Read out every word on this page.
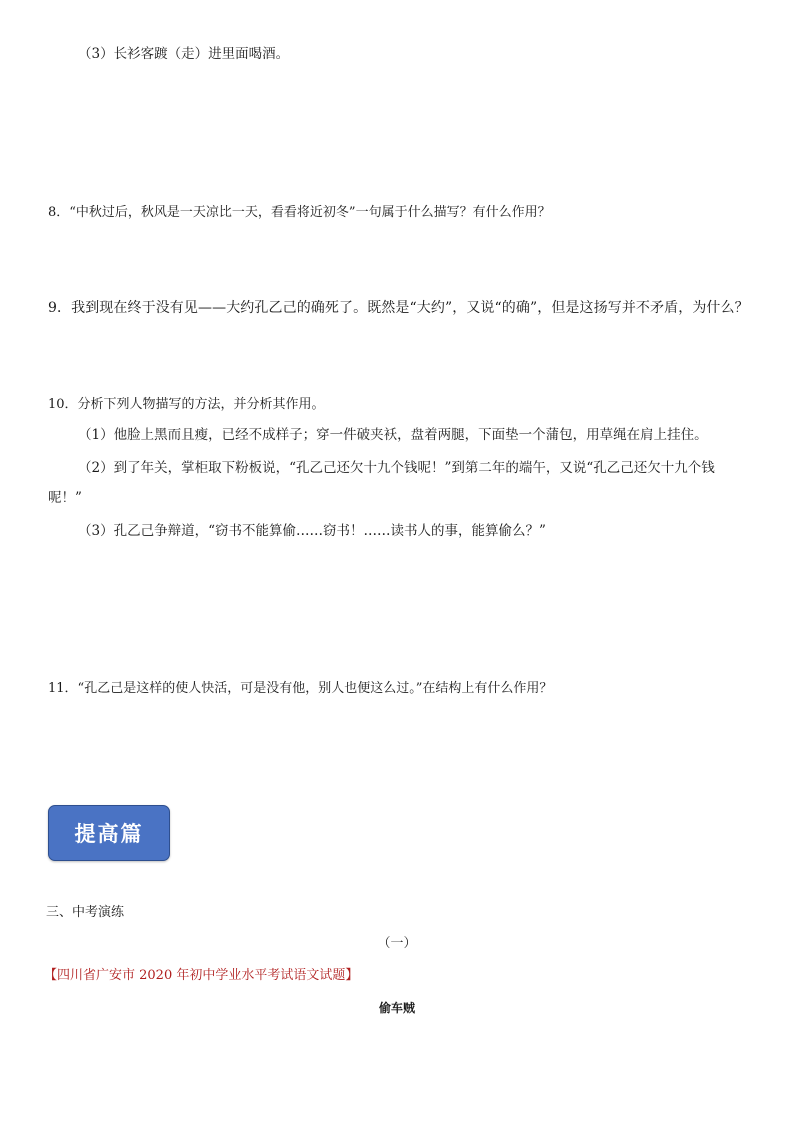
（3）长衫客踱（走）进里面喝酒。
8．“中秋过后，秋风是一天凉比一天，看看将近初冬”一句属于什么描写？有什么作用？
9．我到现在终于没有见——大约孔乙己的确死了。既然是“大约”，又说“的确”，但是这扬写并不矛盾，为什么？
10．分析下列人物描写的方法，并分析其作用。
（1）他脸上黑而且瘦，已经不成样子；穿一件破夹袄，盘着两腿，下面垫一个蒲包，用草绳在肩上挂住。
（2）到了年关，掌柜取下粉板说，“孔乙己还欠十九个钱呢！”到第二年的端午，又说“孔乙己还欠十九个钱
呢！”
（3）孔乙己争辩道，“窃书不能算偷……窃书！……读书人的事，能算偷么？”
11．“孔乙己是这样的使人快活，可是没有他，别人也便这么过。”在结构上有什么作用？
提高篇
三、中考演练
（一）
【四川省广安市 2020 年初中学业水平考试语文试题】
偷车贼
